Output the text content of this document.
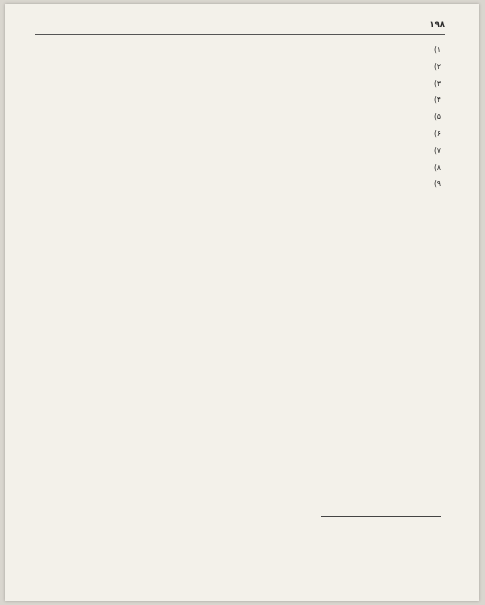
۱۹۸

۱)

۲)

۳)

۴)

۵)

۶)

۷)

۸)

۹)
